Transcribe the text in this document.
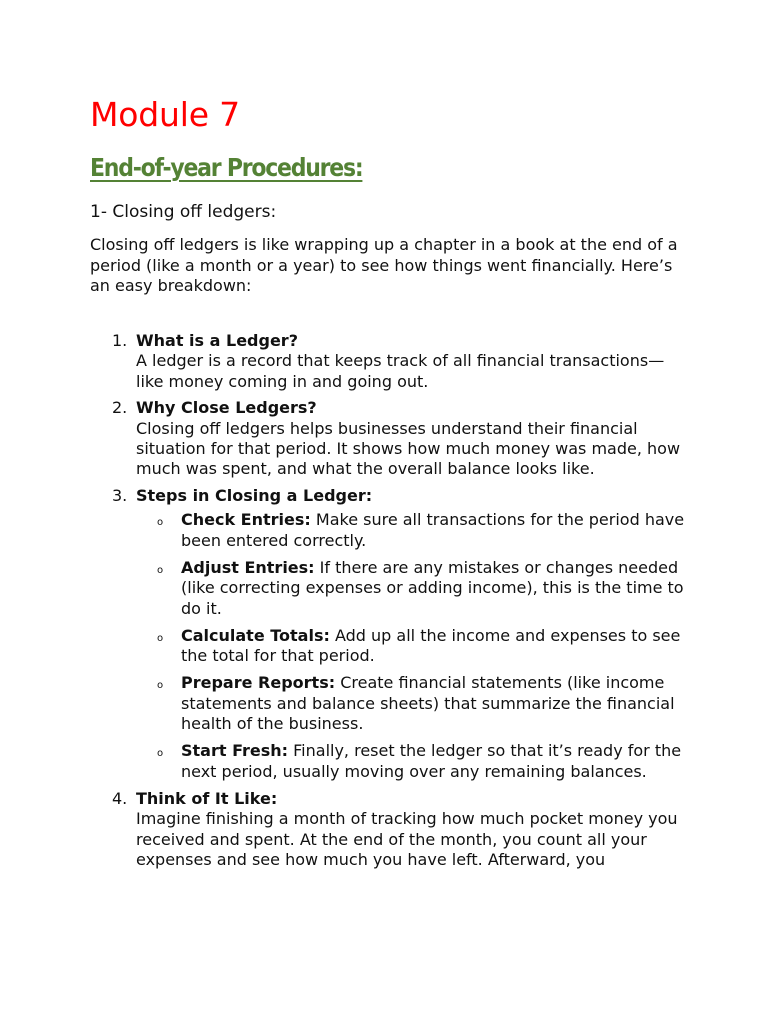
Module 7
End-of-year Procedures:
1- Closing off ledgers:

Closing off ledgers is like wrapping up a chapter in a book at the end of a period (like a month or a year) to see how things went financially. Here’s an easy breakdown:

1. What is a Ledger?
A ledger is a record that keeps track of all financial transactions—like money coming in and going out.
2. Why Close Ledgers?
Closing off ledgers helps businesses understand their financial situation for that period. It shows how much money was made, how much was spent, and what the overall balance looks like.
3. Steps in Closing a Ledger:
o Check Entries: Make sure all transactions for the period have been entered correctly.
o Adjust Entries: If there are any mistakes or changes needed (like correcting expenses or adding income), this is the time to do it.
o Calculate Totals: Add up all the income and expenses to see the total for that period.
o Prepare Reports: Create financial statements (like income statements and balance sheets) that summarize the financial health of the business.
o Start Fresh: Finally, reset the ledger so that it’s ready for the next period, usually moving over any remaining balances.
4. Think of It Like:
Imagine finishing a month of tracking how much pocket money you received and spent. At the end of the month, you count all your expenses and see how much you have left. Afterward, you
